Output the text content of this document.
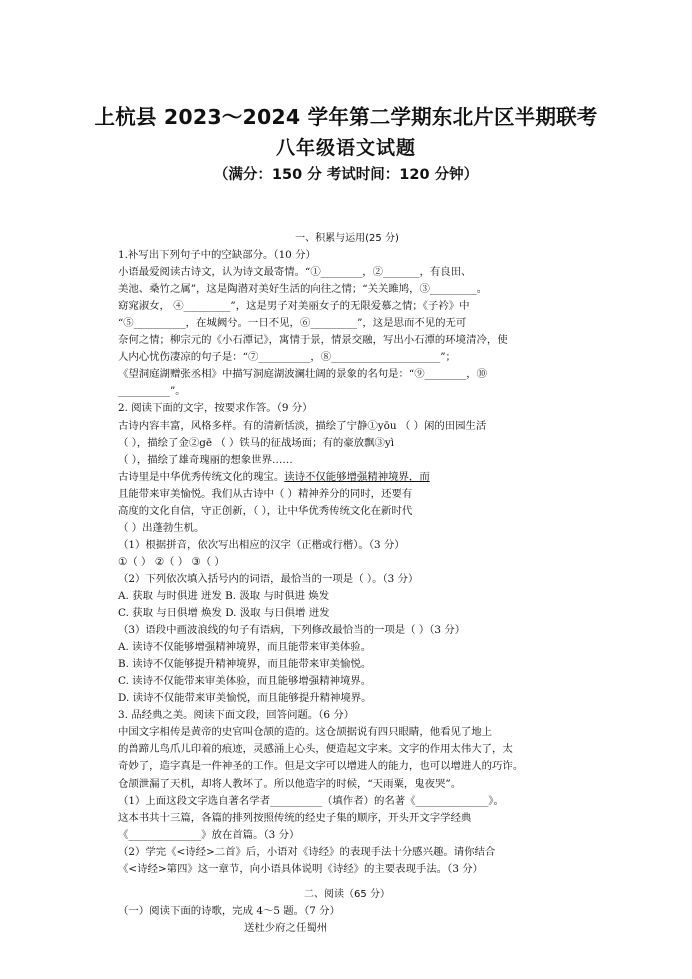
上杭县 2023～2024 学年第二学期东北片区半期联考
八年级语文试题
（满分：150 分 考试时间：120 分钟）
一、积累与运用(25 分)
1.补写出下列句子中的空缺部分。（10 分）
小语最爱阅读古诗文，认为诗文最寄情。“①________，②_______，有良田、
美池、桑竹之属”，这是陶潜对美好生活的向往之情；“关关雎鸠，③_________。
窈窕淑女， ④_________”，这是男子对美丽女子的无限爱慕之情；《子衿》中
“⑤__________，在城阙兮。一日不见，⑥_________”，这是思而不见的无可
奈何之情；柳宗元的《小石潭记》，寓情于景，情景交融，写出小石潭的环境清冷，使
人内心忧伤凄凉的句子是：“⑦__________，⑧_____________________”；
《望洞庭湖赠张丞相》中描写洞庭湖波澜壮阔的景象的名句是：“⑨________，⑩
__________”。
2. 阅读下面的文字，按要求作答。（9 分）
古诗内容丰富，风格多样。有的清新恬淡，描绘了宁静①yōu （ ）闲的田园生活
（ ），描绘了金②gē （ ）铁马的征战场面；有的豪放飘③yì
（ ），描绘了雄奇瑰丽的想象世界……
古诗里是中华优秀传统文化的瑰宝。读诗不仅能够增强精神境界，而
且能带来审美愉悦。我们从古诗中（ ）精神养分的同时，还要有
高度的文化自信，守正创新，（ ），让中华优秀传统文化在新时代
（ ）出蓬勃生机。
（1）根据拼音，依次写出相应的汉字（正楷或行楷）。（3 分）
①（ ） ②（ ） ③（ ）
（2）下列依次填入括号内的词语，最恰当的一项是（ ）。（3 分）
A. 获取 与时俱进 迸发 B. 汲取 与时俱进 焕发
C. 获取 与日俱增 焕发 D. 汲取 与日俱增 迸发
（3）语段中画波浪线的句子有语病，下列修改最恰当的一项是（ ）（3 分）
A. 读诗不仅能够增强精神境界，而且能带来审美体验。
B. 读诗不仅能够提升精神境界，而且能带来审美愉悦。
C. 读诗不仅能带来审美体验，而且能够增强精神境界。
D. 读诗不仅能带来审美愉悦，而且能够提升精神境界。
3. 品经典之美。阅读下面文段，回答问题。（6 分）
中国文字相传是黄帝的史官叫仓颉的造的。这仓颉据说有四只眼睛，他看见了地上
的兽蹄儿鸟爪儿印着的痕迹，灵感涌上心头，便造起文字来。文字的作用太伟大了，太
奇妙了，造字真是一件神圣的工作。但是文字可以增进人的能力，也可以增进人的巧诈。
仓颉泄漏了天机，却将人教坏了。所以他造字的时候，“天雨粟，鬼夜哭”。
（1）上面这段文字选自著名学者__________（填作者）的名著《______________》。
这本书共十三篇，各篇的排列按照传统的经史子集的顺序，开头开文字学经典
《______________》放在首篇。（3 分）
（2）学完《<诗经>二首》后，小语对《诗经》的表现手法十分感兴趣。请你结合
《<诗经>第四》这一章节，向小语具体说明《诗经》的主要表现手法。（3 分）
二、阅读（65 分）
（一）阅读下面的诗歌，完成 4～5 题。（7 分）
送杜少府之任蜀州
